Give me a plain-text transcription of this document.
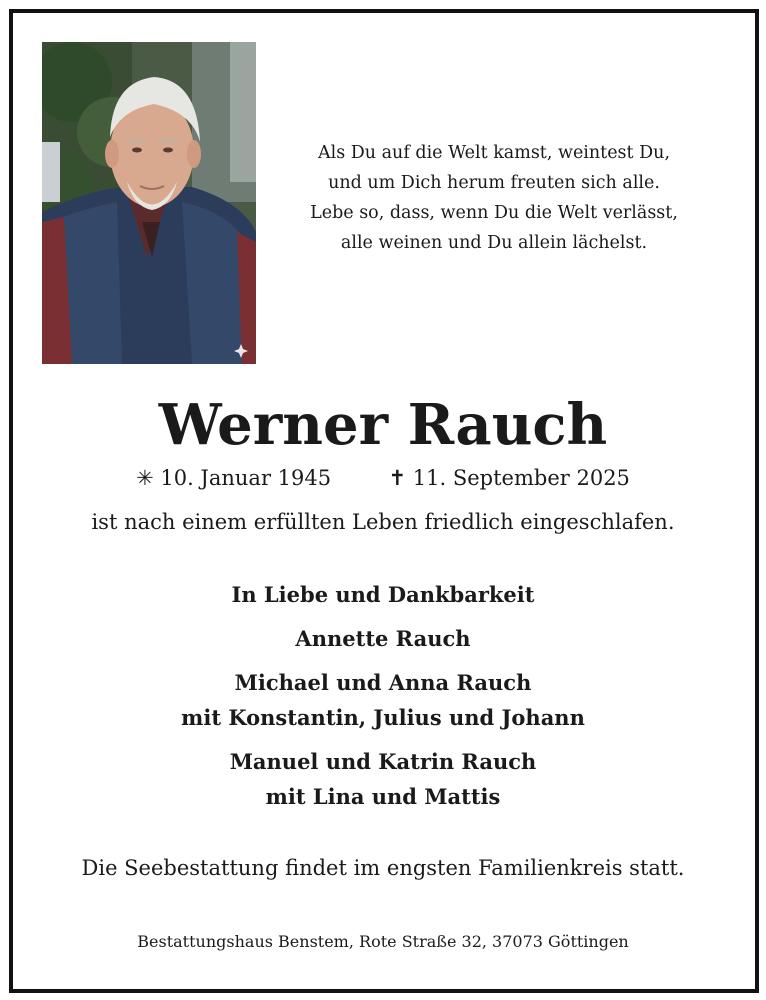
Als Du auf die Welt kamst, weintest Du,
und um Dich herum freuten sich alle.
Lebe so, dass, wenn Du die Welt verlässt,
alle weinen und Du allein lächelst.
Werner Rauch
✳ 10. Januar 1945	✝ 11. September 2025
ist nach einem erfüllten Leben friedlich eingeschlafen.
In Liebe und Dankbarkeit
Annette Rauch
Michael und Anna Rauch
mit Konstantin, Julius und Johann
Manuel und Katrin Rauch
mit Lina und Mattis
Die Seebestattung findet im engsten Familienkreis statt.
Bestattungshaus Benstem, Rote Straße 32, 37073 Göttingen
